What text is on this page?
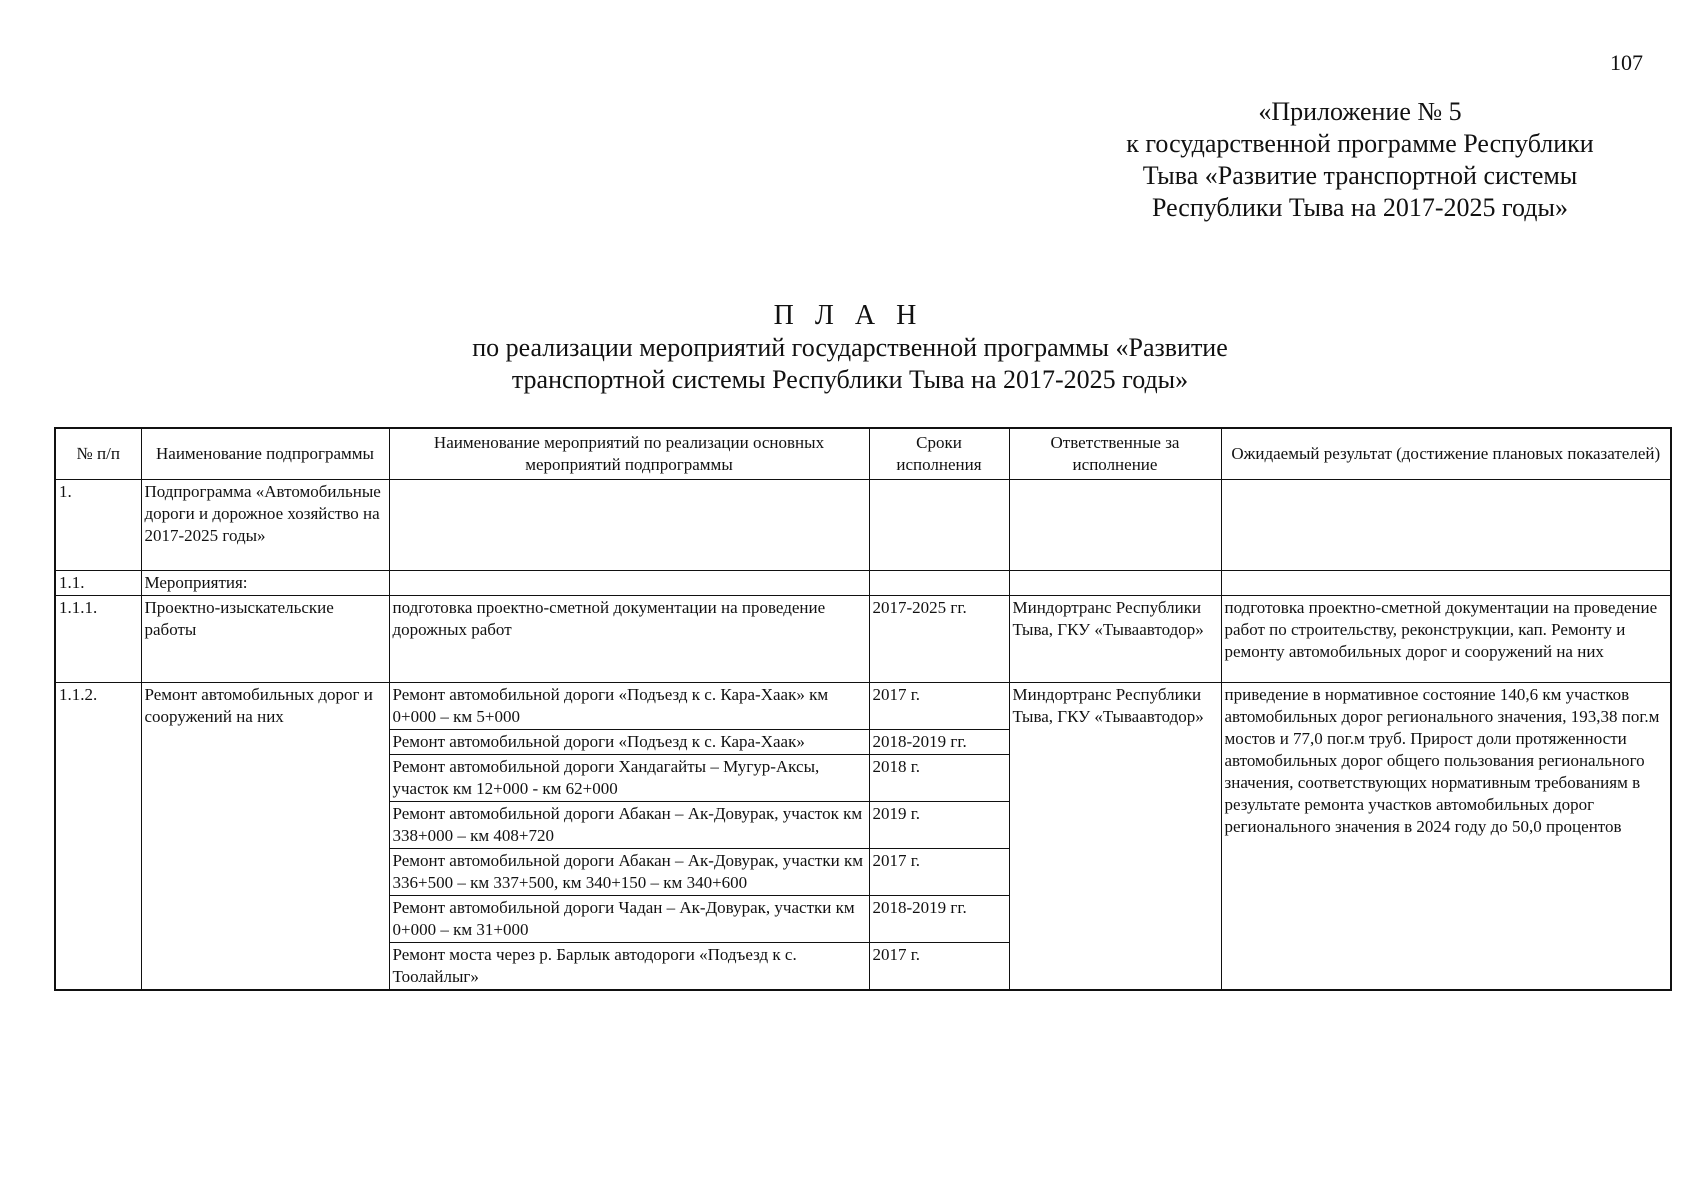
107
«Приложение № 5
к государственной программе Республики
Тыва «Развитие транспортной системы
Республики Тыва на 2017-2025 годы»
П Л А Н
по реализации мероприятий государственной программы «Развитие
транспортной системы Республики Тыва на 2017-2025 годы»
№ п/п	Наименование подпрограммы	Наименование мероприятий по реализации основных мероприятий подпрограммы	Сроки исполнения	Ответственные за исполнение	Ожидаемый результат (достижение плановых показателей)
1.	Подпрограмма «Автомобильные дороги и дорожное хозяйство на 2017-2025 годы»				
1.1.	Мероприятия:				
1.1.1.	Проектно-изыскательские работы	подготовка проектно-сметной документации на проведение дорожных работ	2017-2025 гг.	Миндортранс Республики Тыва, ГКУ «Тываавтодор»	подготовка проектно-сметной документации на проведение работ по строительству, реконструкции, кап. Ремонту и ремонту автомобильных дорог и сооружений на них
1.1.2.	Ремонт автомобильных дорог и сооружений на них	Ремонт автомобильной дороги «Подъезд к с. Кара-Хаак» км 0+000 – км 5+000	2017 г.	Миндортранс Республики Тыва, ГКУ «Тываавтодор»	приведение в нормативное состояние 140,6 км участков автомобильных дорог регионального значения, 193,38 пог.м мостов и 77,0 пог.м труб. Прирост доли протяженности автомобильных дорог общего пользования регионального значения, соответствующих нормативным требованиям в результате ремонта участков автомобильных дорог регионального значения в 2024 году до 50,0 процентов
		Ремонт автомобильной дороги «Подъезд к с. Кара-Хаак»	2018-2019 гг.		
		Ремонт автомобильной дороги Хандагайты – Мугур-Аксы, участок км 12+000 - км 62+000	2018 г.		
		Ремонт автомобильной дороги Абакан – Ак-Довурак, участок км 338+000 – км 408+720	2019 г.		
		Ремонт автомобильной дороги Абакан – Ак-Довурак, участки км 336+500 – км 337+500, км 340+150 – км 340+600	2017 г.		
		Ремонт автомобильной дороги Чадан – Ак-Довурак, участки км 0+000 – км 31+000	2018-2019 гг.		
		Ремонт моста через р. Барлык автодороги «Подъезд к с. Тоолайлыг»	2017 г.		
